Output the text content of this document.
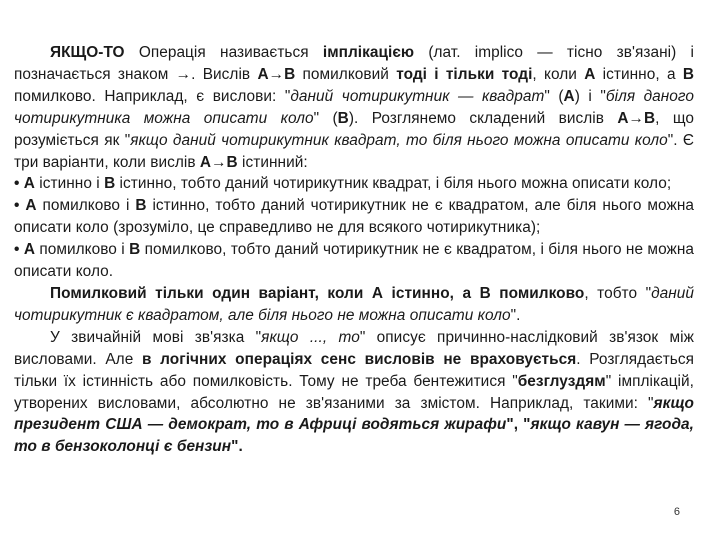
ЯКЩО-ТО Операція називається імплікацією (лат. implico — тісно зв'язані) і позначається знаком →. Вислів А→В помилковий тоді і тільки тоді, коли А істинно, а В помилково. Наприклад, є вислови: "даний чотирикутник — квадрат" (А) і "біля даного чотирикутника можна описати коло" (В). Розглянемо складений вислів А→В, що розуміється як "якщо даний чотирикутник квадрат, то біля нього можна описати коло". Є три варіанти, коли вислів А→В істинний:

• А істинно і В істинно, тобто даний чотирикутник квадрат, і біля нього можна описати коло;

• А помилково і В істинно, тобто даний чотирикутник не є квадратом, але біля нього можна описати коло (зрозуміло, це справедливо не для всякого чотирикутника);

• А помилково і В помилково, тобто даний чотирикутник не є квадратом, і біля нього не можна описати коло.

Помилковий тільки один варіант, коли А істинно, а В помилково, тобто "даний чотирикутник є квадратом, але біля нього не можна описати коло".

У звичайній мові зв'язка "якщо ..., то" описує причинно-наслідковий зв'язок між висловами. Але в логічних операціях сенс висловів не враховується. Розглядається тільки їх істинність або помилковість. Тому не треба бентежитися "безглуздям" імплікацій, утворених висловами, абсолютно не зв'язаними за змістом. Наприклад, такими: "якщо президент США — демократ, то в Африці водяться жирафи", "якщо кавун — ягода, то в бензоколонці є бензин".

6
